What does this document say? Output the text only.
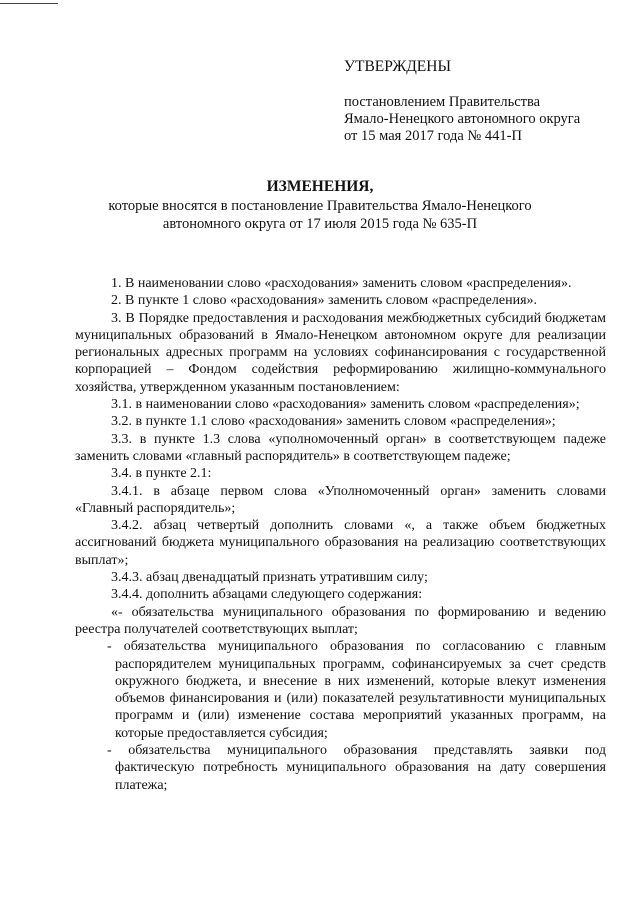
УТВЕРЖДЕНЫ
постановлением Правительства
Ямало-Ненецкого автономного округа
от 15 мая 2017 года № 441-П
ИЗМЕНЕНИЯ,
которые вносятся в постановление Правительства Ямало-Ненецкого автономного округа от 17 июля 2015 года № 635-П

1. В наименовании слово «расходования» заменить словом «распределения».

2. В пункте 1 слово «расходования» заменить словом «распределения».

3. В Порядке предоставления и расходования межбюджетных субсидий бюджетам муниципальных образований в Ямало-Ненецком автономном округе для реализации региональных адресных программ на условиях софинансирования с государственной корпорацией – Фондом содействия реформированию жилищно-коммунального хозяйства, утвержденном указанным постановлением:

3.1. в наименовании слово «расходования» заменить словом «распределения»;

3.2. в пункте 1.1 слово «расходования» заменить словом «распределения»;

3.3. в пункте 1.3 слова «уполномоченный орган» в соответствующем падеже заменить словами «главный распорядитель» в соответствующем падеже;

3.4. в пункте 2.1:

3.4.1. в абзаце первом слова «Уполномоченный орган» заменить словами «Главный распорядитель»;

3.4.2. абзац четвертый дополнить словами «, а также объем бюджетных ассигнований бюджета муниципального образования на реализацию соответствующих выплат»;

3.4.3. абзац двенадцатый признать утратившим силу;

3.4.4. дополнить абзацами следующего содержания:

«- обязательства муниципального образования по формированию и ведению реестра получателей соответствующих выплат;

- обязательства муниципального образования по согласованию с главным распорядителем муниципальных программ, софинансируемых за счет средств окружного бюджета, и внесение в них изменений, которые влекут изменения объемов финансирования и (или) показателей результативности муниципальных программ и (или) изменение состава мероприятий указанных программ, на которые предоставляется субсидия;

- обязательства муниципального образования представлять заявки под фактическую потребность муниципального образования на дату совершения платежа;
